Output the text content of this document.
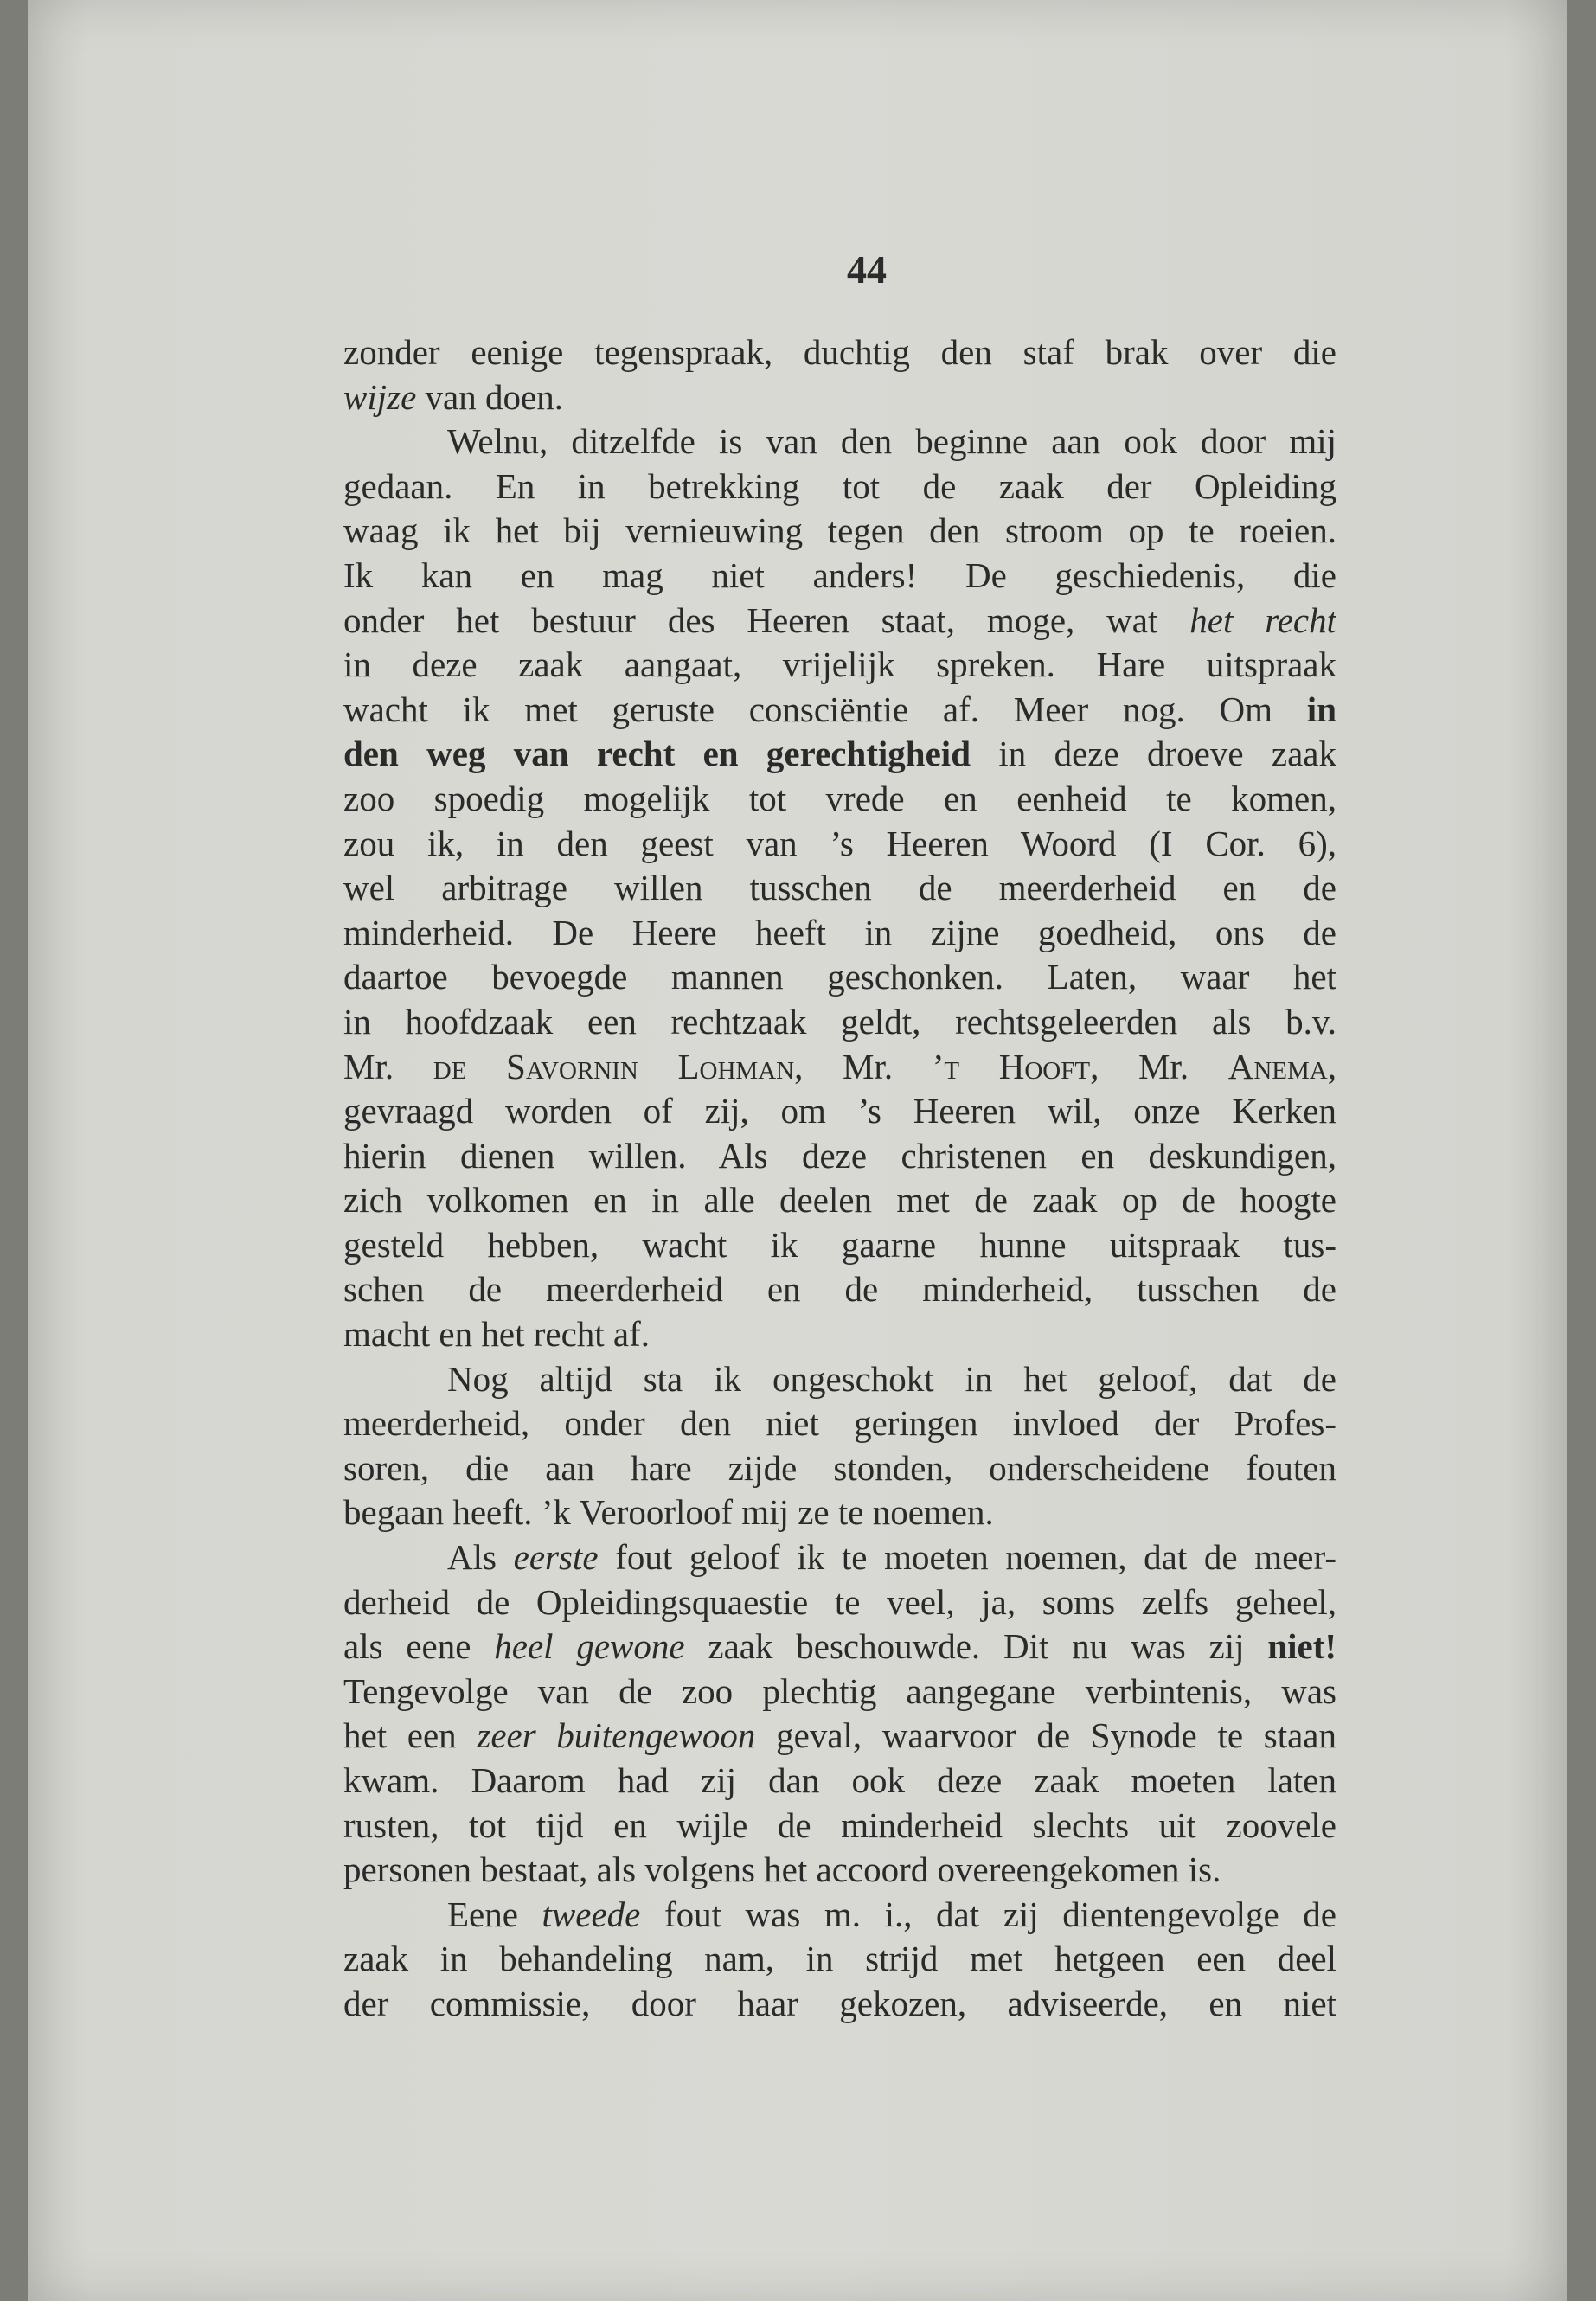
44
zonder eenige tegenspraak, duchtig den staf brak over die
wijze van doen.
Welnu, ditzelfde is van den beginne aan ook door mij
gedaan. En in betrekking tot de zaak der Opleiding
waag ik het bij vernieuwing tegen den stroom op te roeien.
Ik kan en mag niet anders! De geschiedenis, die
onder het bestuur des Heeren staat, moge, wat het recht
in deze zaak aangaat, vrijelijk spreken. Hare uitspraak
wacht ik met geruste consciëntie af. Meer nog. Om in
den weg van recht en gerechtigheid in deze droeve zaak
zoo spoedig mogelijk tot vrede en eenheid te komen,
zou ik, in den geest van ’s Heeren Woord (I Cor. 6),
wel arbitrage willen tusschen de meerderheid en de
minderheid. De Heere heeft in zijne goedheid, ons de
daartoe bevoegde mannen geschonken. Laten, waar het
in hoofdzaak een rechtzaak geldt, rechtsgeleerden als b.v.
Mr. de Savornin Lohman, Mr. ’t Hooft, Mr. Anema,
gevraagd worden of zij, om ’s Heeren wil, onze Kerken
hierin dienen willen. Als deze christenen en deskundigen,
zich volkomen en in alle deelen met de zaak op de hoogte
gesteld hebben, wacht ik gaarne hunne uitspraak tus-
schen de meerderheid en de minderheid, tusschen de
macht en het recht af.
Nog altijd sta ik ongeschokt in het geloof, dat de
meerderheid, onder den niet geringen invloed der Profes-
soren, die aan hare zijde stonden, onderscheidene fouten
begaan heeft. ’k Veroorloof mij ze te noemen.
Als eerste fout geloof ik te moeten noemen, dat de meer-
derheid de Opleidingsquaestie te veel, ja, soms zelfs geheel,
als eene heel gewone zaak beschouwde. Dit nu was zij niet!
Tengevolge van de zoo plechtig aangegane verbintenis, was
het een zeer buitengewoon geval, waarvoor de Synode te staan
kwam. Daarom had zij dan ook deze zaak moeten laten
rusten, tot tijd en wijle de minderheid slechts uit zoovele
personen bestaat, als volgens het accoord overeengekomen is.
Eene tweede fout was m. i., dat zij dientengevolge de
zaak in behandeling nam, in strijd met hetgeen een deel
der commissie, door haar gekozen, adviseerde, en niet
